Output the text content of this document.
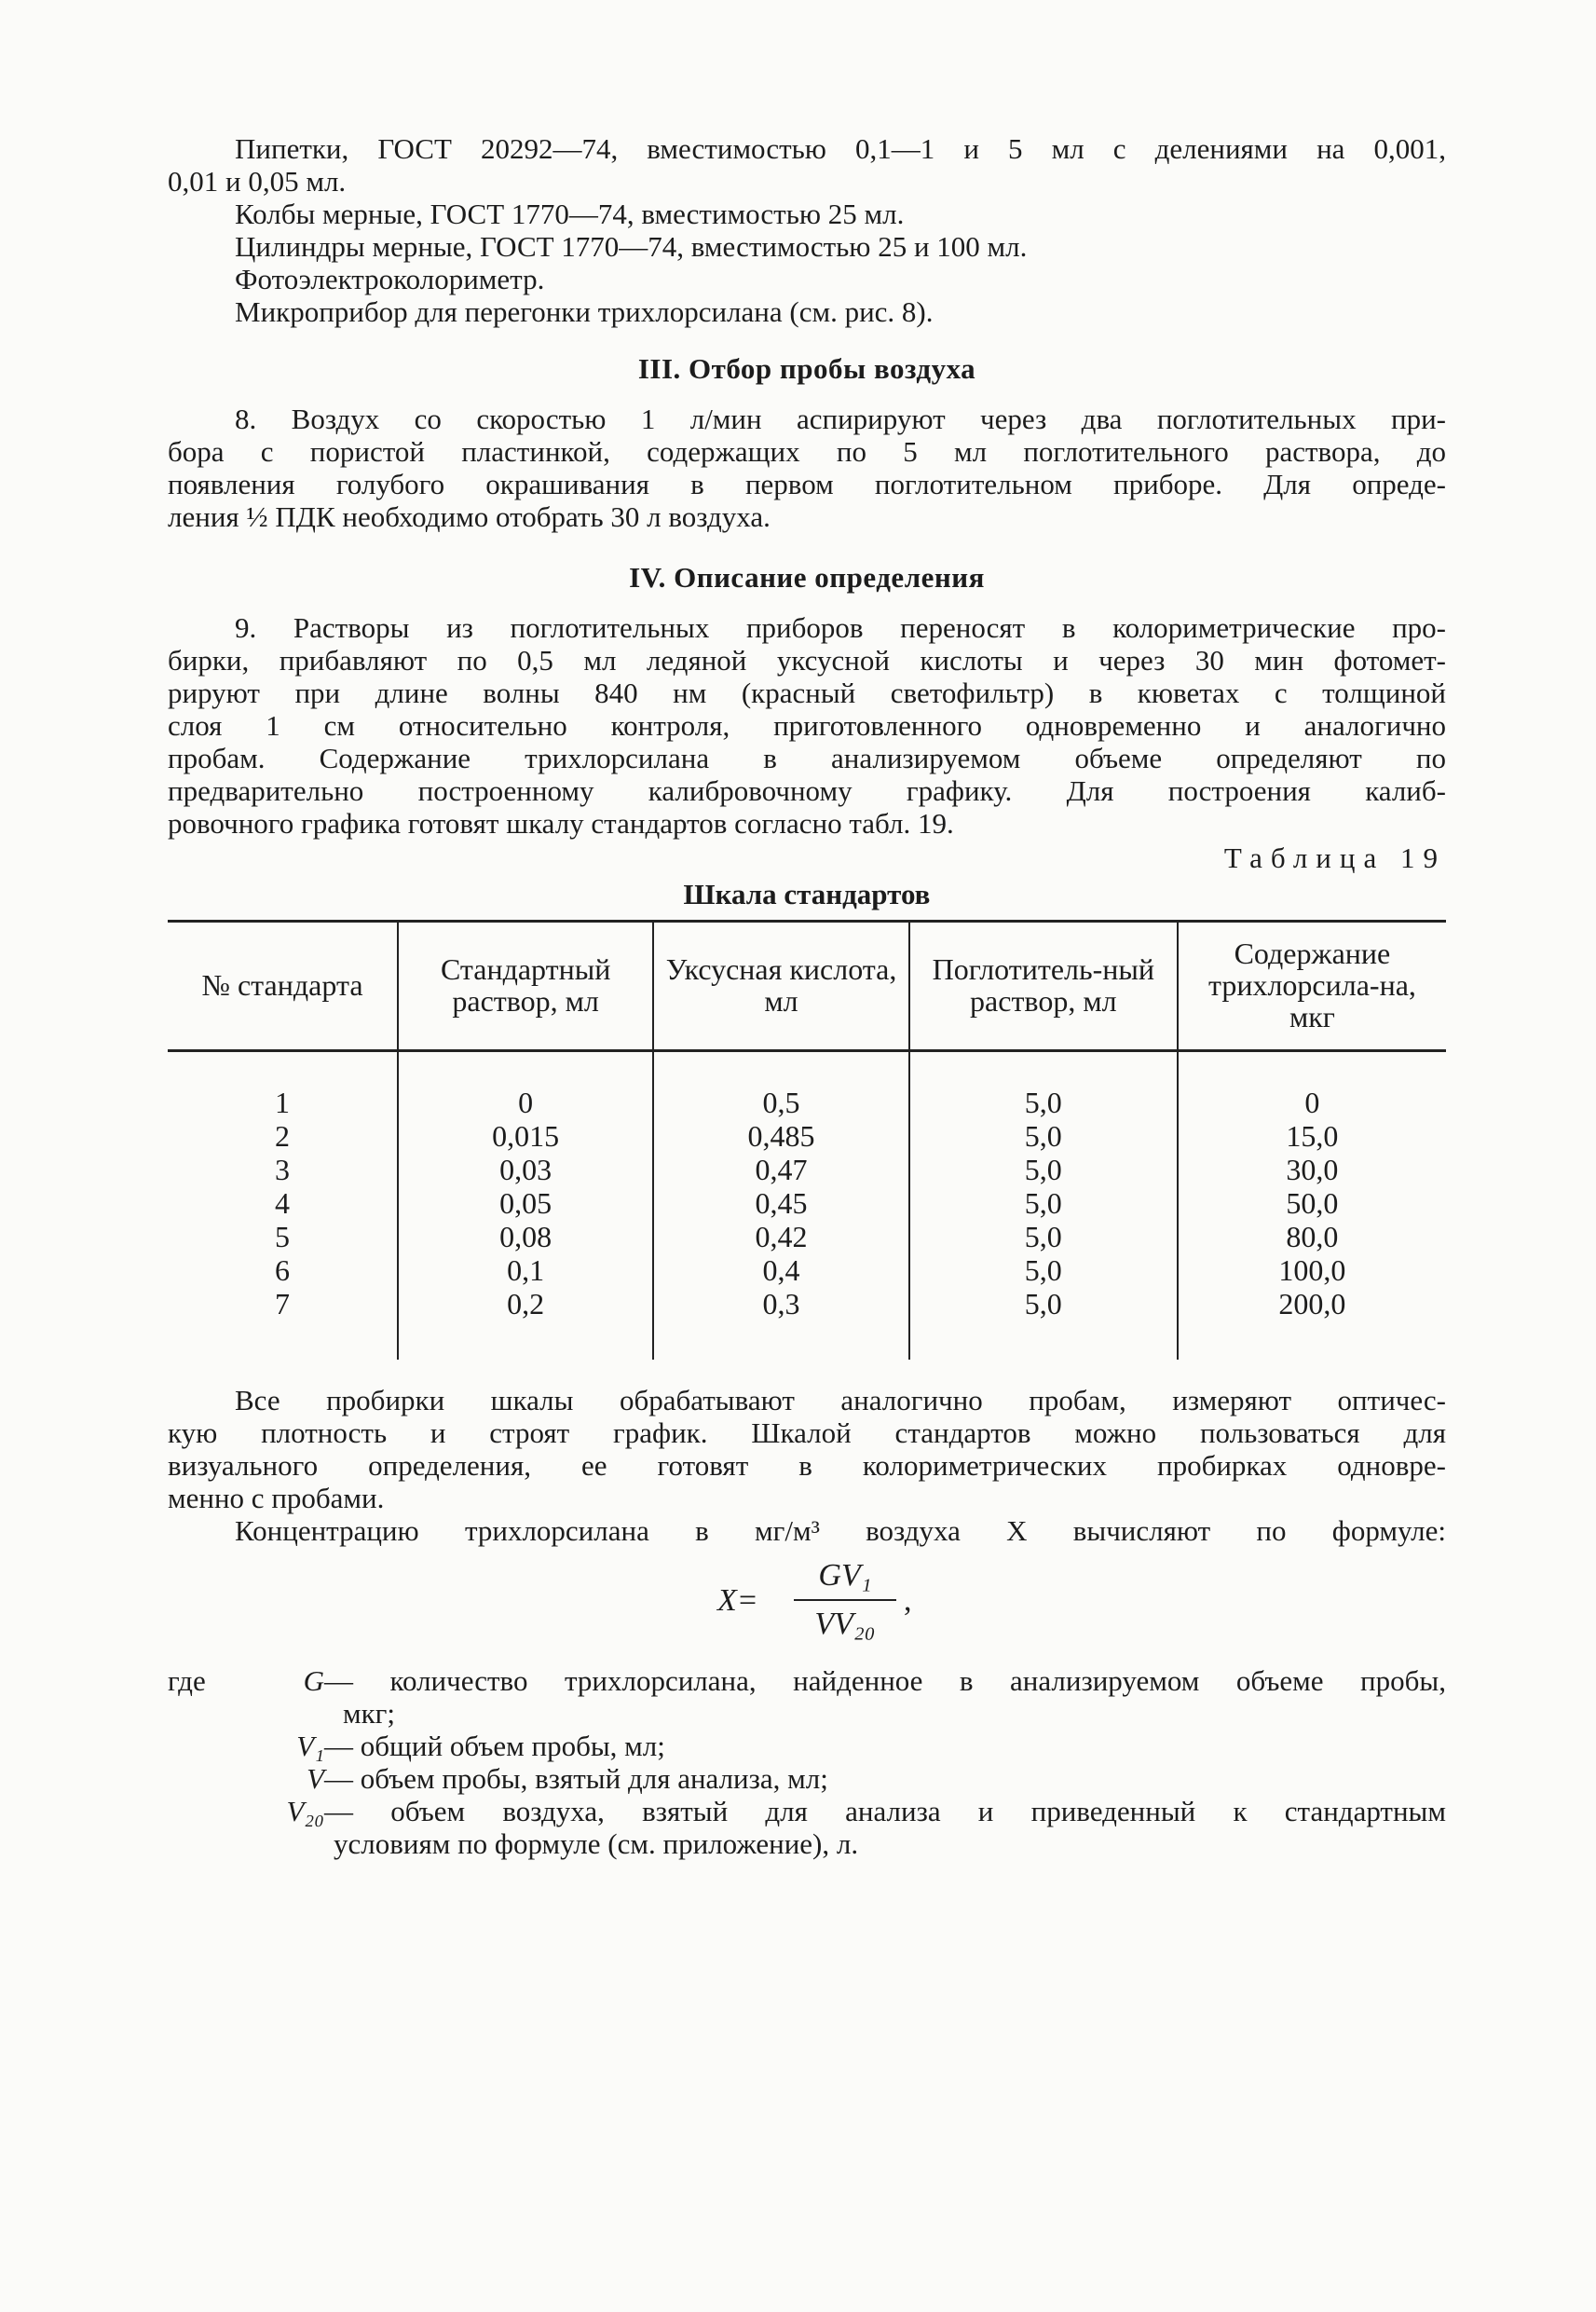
Пипетки, ГОСТ 20292—74, вместимостью 0,1—1 и 5 мл с делениями на 0,001,
0,01 и 0,05 мл.
Колбы мерные, ГОСТ 1770—74, вместимостью 25 мл.
Цилиндры мерные, ГОСТ 1770—74, вместимостью 25 и 100 мл.
Фотоэлектроколориметр.
Микроприбор для перегонки трихлорсилана (см. рис. 8).
III. Отбор пробы воздуха
8. Воздух со скоростью 1 л/мин аспирируют через два поглотительных при-
бора с пористой пластинкой, содержащих по 5 мл поглотительного раствора, до
появления голубого окрашивания в первом поглотительном приборе. Для опреде-
ления ½ ПДК необходимо отобрать 30 л воздуха.
IV. Описание определения
9. Растворы из поглотительных приборов переносят в колориметрические про-
бирки, прибавляют по 0,5 мл ледяной уксусной кислоты и через 30 мин фотомет-
рируют при длине волны 840 нм (красный светофильтр) в кюветах с толщиной
слоя 1 см относительно контроля, приготовленного одновременно и аналогично
пробам. Содержание трихлорсилана в анализируемом объеме определяют по
предварительно построенному калибровочному графику. Для построения калиб-
ровочного графика готовят шкалу стандартов согласно табл. 19.
Таблица 19
Шкала стандартов
№ стандарта	Стандартный раствор, мл	Уксусная кислота, мл	Поглотитель-ный раствор, мл	Содержание трихлорсила-на, мкг
1	0	0,5	5,0	0
2	0,015	0,485	5,0	15,0
3	0,03	0,47	5,0	30,0
4	0,05	0,45	5,0	50,0
5	0,08	0,42	5,0	80,0
6	0,1	0,4	5,0	100,0
7	0,2	0,3	5,0	200,0
Все пробирки шкалы обрабатывают аналогично пробам, измеряют оптичес-
кую плотность и строят график. Шкалой стандартов можно пользоваться для
визуального определения, ее готовят в колориметрических пробирках одновре-
менно с пробами.
Концентрацию трихлорсилана в мг/м³ воздуха X вычисляют по формуле:
X=
GV₁
VV₂₀
,
где	G — количество трихлорсилана, найденное в анализируемом объеме пробы,
мкг;
V₁ — общий объем пробы, мл;
V — объем пробы, взятый для анализа, мл;
V₂₀ — объем воздуха, взятый для анализа и приведенный к стандартным
условиям по формуле (см. приложение), л.
